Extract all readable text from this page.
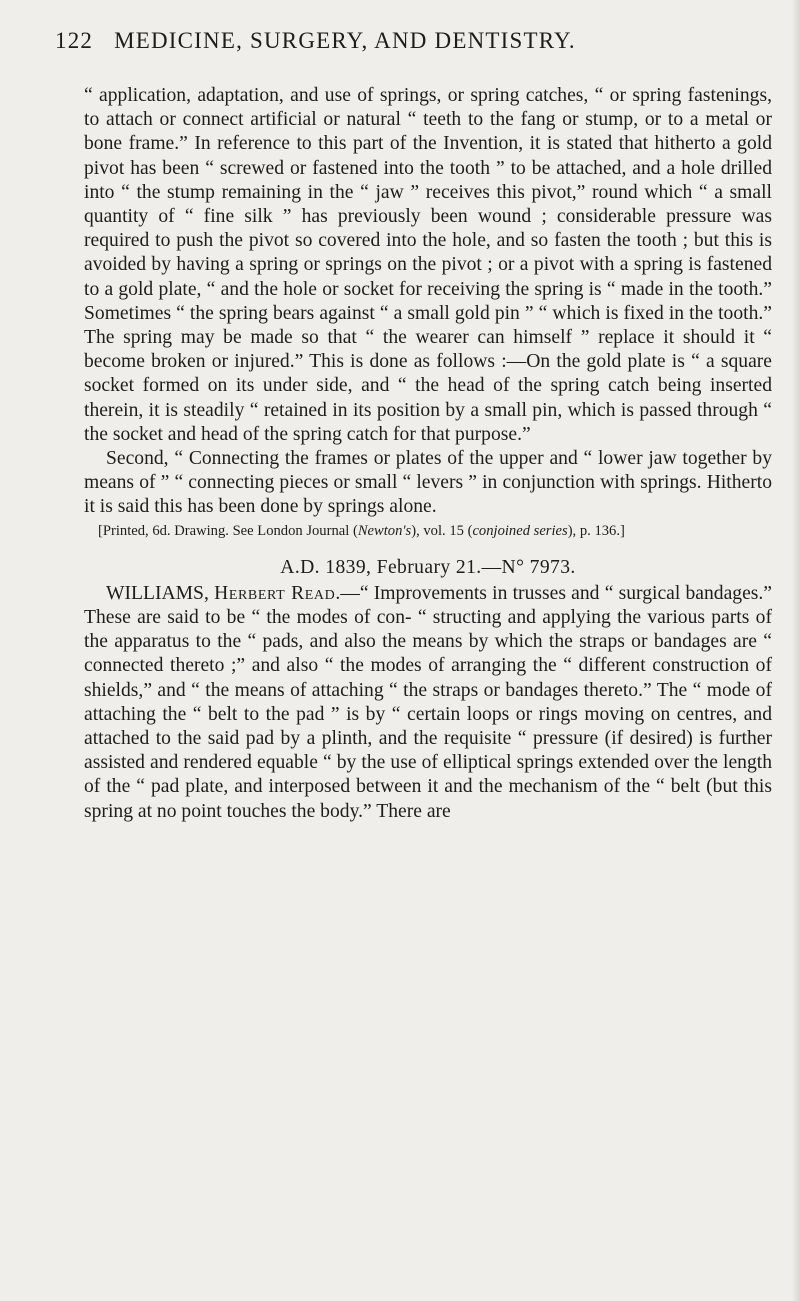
122 MEDICINE, SURGERY, AND DENTISTRY.

“ application, adaptation, and use of springs, or spring catches, “ or spring fastenings, to attach or connect artificial or natural “ teeth to the fang or stump, or to a metal or bone frame.” In reference to this part of the Invention, it is stated that hitherto a gold pivot has been “ screwed or fastened into the tooth ” to be attached, and a hole drilled into “ the stump remaining in the “ jaw ” receives this pivot,” round which “ a small quantity of “ fine silk ” has previously been wound ; considerable pressure was required to push the pivot so covered into the hole, and so fasten the tooth ; but this is avoided by having a spring or springs on the pivot ; or a pivot with a spring is fastened to a gold plate, “ and the hole or socket for receiving the spring is “ made in the tooth.” Sometimes “ the spring bears against “ a small gold pin ” “ which is fixed in the tooth.” The spring may be made so that “ the wearer can himself ” replace it should it “ become broken or injured.” This is done as follows :—On the gold plate is “ a square socket formed on its under side, and “ the head of the spring catch being inserted therein, it is steadily “ retained in its position by a small pin, which is passed through “ the socket and head of the spring catch for that purpose.”

Second, “ Connecting the frames or plates of the upper and “ lower jaw together by means of ” “ connecting pieces or small “ levers ” in conjunction with springs. Hitherto it is said this has been done by springs alone.

[Printed, 6d. Drawing. See London Journal (Newton's), vol. 15 (conjoined series), p. 136.]

A.D. 1839, February 21.—N° 7973.

WILLIAMS, Herbert Read.—“ Improvements in trusses and “ surgical bandages.” These are said to be “ the modes of con- “ structing and applying the various parts of the apparatus to the “ pads, and also the means by which the straps or bandages are “ connected thereto ;” and also “ the modes of arranging the “ different construction of shields,” and “ the means of attaching “ the straps or bandages thereto.” The “ mode of attaching the “ belt to the pad ” is by “ certain loops or rings moving on centres, and attached to the said pad by a plinth, and the requisite “ pressure (if desired) is further assisted and rendered equable “ by the use of elliptical springs extended over the length of the “ pad plate, and interposed between it and the mechanism of the “ belt (but this spring at no point touches the body.” There are
